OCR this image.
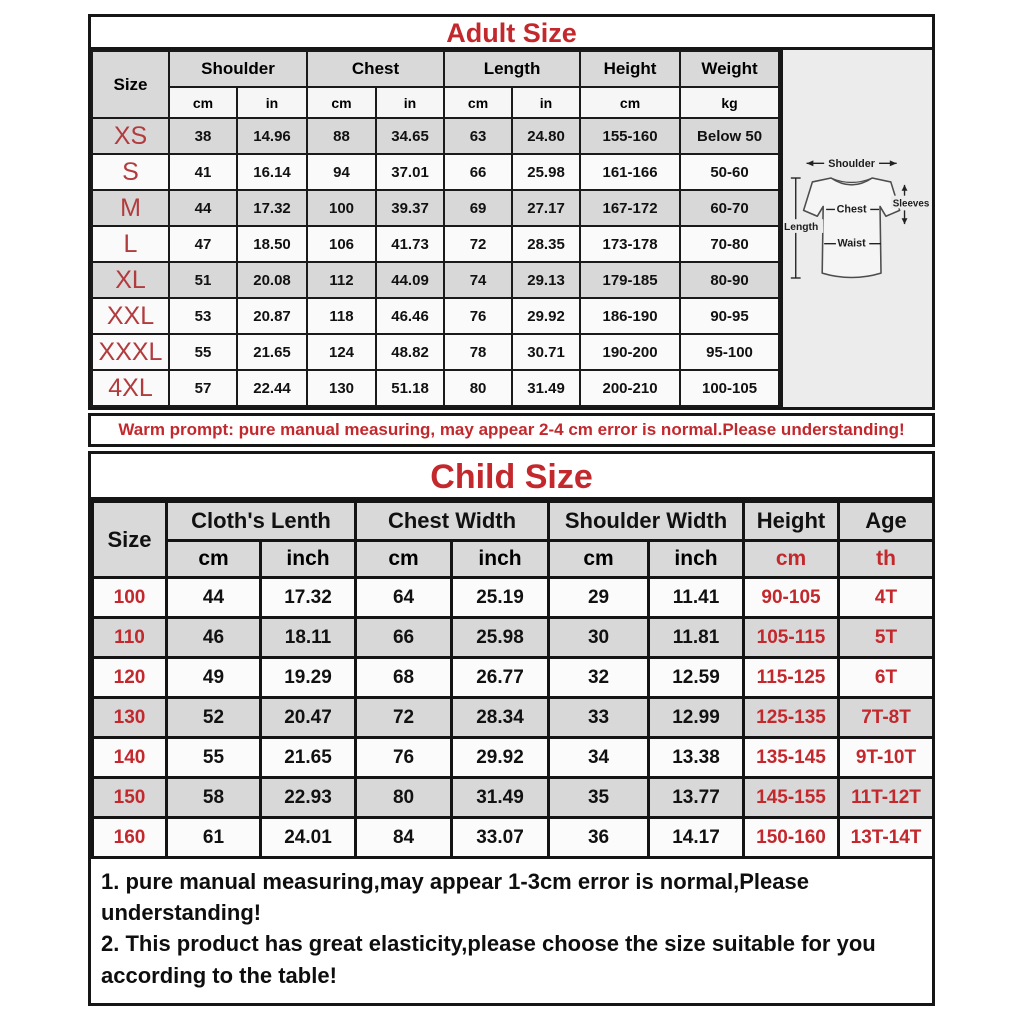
Adult Size
Size	Shoulder		Chest		Length		Height	Weight
	cm	in	cm	in	cm	in	cm	kg
XS	38	14.96	88	34.65	63	24.80	155-160	Below 50
S	41	16.14	94	37.01	66	25.98	161-166	50-60
M	44	17.32	100	39.37	69	27.17	167-172	60-70
L	47	18.50	106	41.73	72	28.35	173-178	70-80
XL	51	20.08	112	44.09	74	29.13	179-185	80-90
XXL	53	20.87	118	46.46	76	29.92	186-190	90-95
XXXL	55	21.65	124	48.82	78	30.71	190-200	95-100
4XL	57	22.44	130	51.18	80	31.49	200-210	100-105
Shoulder
Length
Sleeves
Chest
Waist
Warm prompt: pure manual measuring, may appear 2-4 cm error is normal.Please understanding!
Child Size
Size	Cloth's Lenth		Chest Width		Shoulder Width		Height	Age
	cm	inch	cm	inch	cm	inch	cm	th
100	44	17.32	64	25.19	29	11.41	90-105	4T
110	46	18.11	66	25.98	30	11.81	105-115	5T
120	49	19.29	68	26.77	32	12.59	115-125	6T
130	52	20.47	72	28.34	33	12.99	125-135	7T-8T
140	55	21.65	76	29.92	34	13.38	135-145	9T-10T
150	58	22.93	80	31.49	35	13.77	145-155	11T-12T
160	61	24.01	84	33.07	36	14.17	150-160	13T-14T

1. pure manual measuring,may appear 1-3cm error is normal,Please understanding!

2. This product has great elasticity,please choose the size suitable for you according to the table!
